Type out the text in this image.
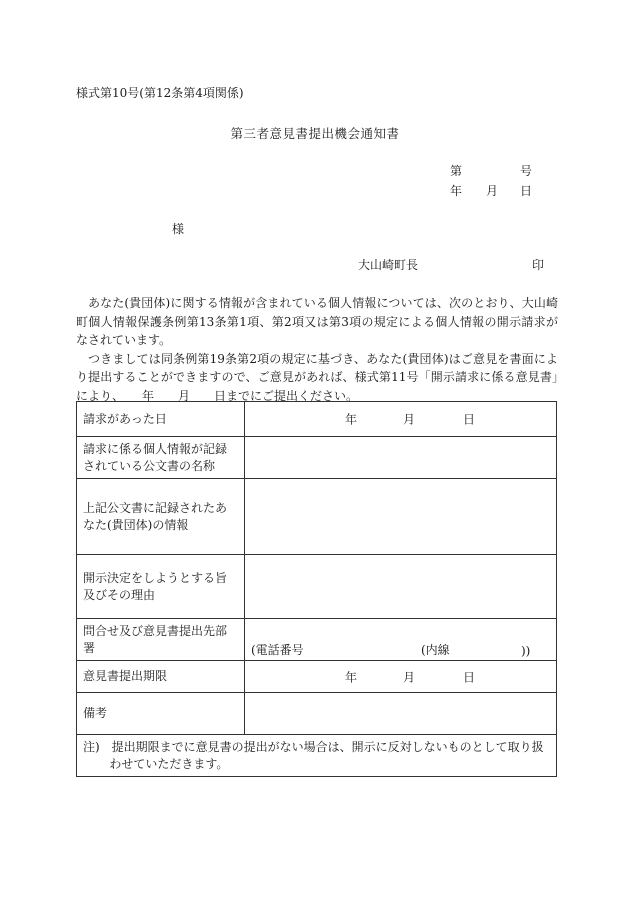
様式第10号(第12条第4項関係)
第三者意見書提出機会通知書
第	号
年 月 日
様
大山崎町長	印

あなた(貴団体)に関する情報が含まれている個人情報については、次のとおり、大山崎町個人情報保護条例第13条第1項、第2項又は第3項の規定による個人情報の開示請求がなされています。

つきましては同条例第19条第2項の規定に基づき、あなた(貴団体)はご意見を書面により提出することができますので、ご意見があれば、様式第11号「開示請求に係る意見書」により、　　年　　月　　日までにご提出ください。

請求があった日	年 月 日

請求に係る個人情報が記録されている公文書の名称	
上記公文書に記録されたあなた(貴団体)の情報	
開示決定をしようとする旨及びその理由	
問合せ及び意見書提出先部署	(電話番号 (内線 ))

意見書提出期限	年 月 日

備考	

注)　提出期限までに意見書の提出がない場合は、開示に反対しないものとして取り扱わせていただきます。	
